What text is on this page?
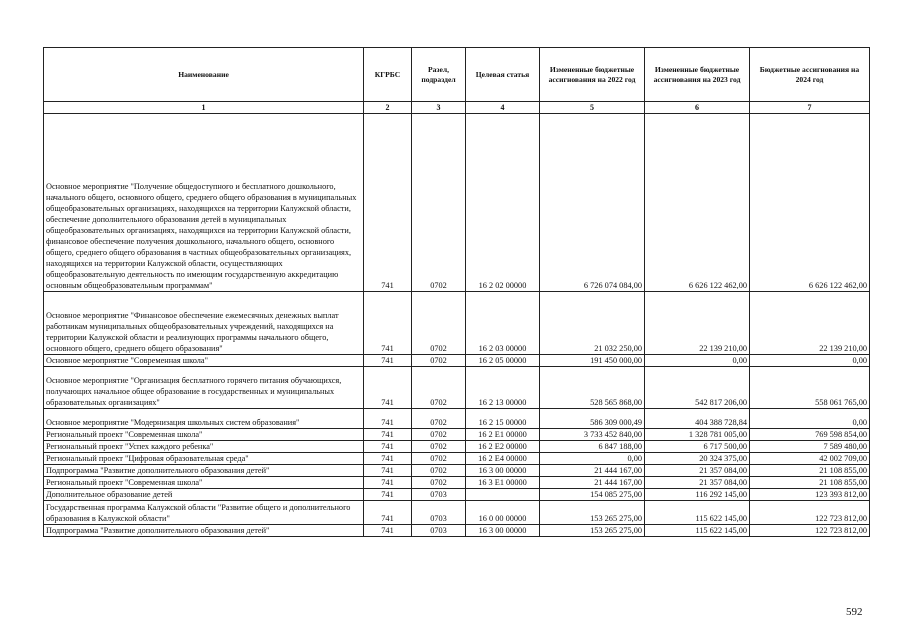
Наименование	КГРБС	Разел, подраздел	Целевая статья	Измененные бюджетные ассигнования на 2022 год	Измененные бюджетные ассигнования на 2023 год	Бюджетные ассигнования на 2024 год
1	2	3	4	5	6	7
Основное мероприятие "Получение общедоступного и бесплатного дошкольного, начального общего, основного общего, среднего общего образования в муниципальных общеобразовательных организациях, находящихся на территории Калужской области, обеспечение дополнительного образования детей в муниципальных общеобразовательных организациях, находящихся на территории Калужской области, финансовое обеспечение получения дошкольного, начального общего, основного общего, среднего общего образования в частных общеобразовательных организациях, находящихся на территории Калужской области, осуществляющих общеобразовательную деятельность по имеющим государственную аккредитацию основным общеобразовательным программам"	741	0702	16 2 02 00000	6 726 074 084,00	6 626 122 462,00	6 626 122 462,00
Основное мероприятие "Финансовое обеспечение ежемесячных денежных выплат работникам муниципальных общеобразовательных учреждений, находящихся на территории Калужской области и реализующих программы начального общего, основного общего, среднего общего образования"	741	0702	16 2 03 00000	21 032 250,00	22 139 210,00	22 139 210,00
Основное мероприятие "Современная школа"	741	0702	16 2 05 00000	191 450 000,00	0,00	0,00
Основное мероприятие "Организация бесплатного горячего питания обучающихся, получающих начальное общее образование в государственных и муниципальных образовательных организациях"	741	0702	16 2 13 00000	528 565 868,00	542 817 206,00	558 061 765,00
Основное мероприятие "Модернизация школьных систем образования"	741	0702	16 2 15 00000	586 309 000,49	404 388 728,84	0,00
Региональный проект "Современная школа"	741	0702	16 2 E1 00000	3 733 452 840,00	1 328 781 005,00	769 598 854,00
Региональный проект "Успех каждого ребенка"	741	0702	16 2 E2 00000	6 847 188,00	6 717 500,00	7 589 480,00
Региональный проект "Цифровая образовательная среда"	741	0702	16 2 E4 00000	0,00	20 324 375,00	42 002 709,00
Подпрограмма "Развитие дополнительного образования детей"	741	0702	16 3 00 00000	21 444 167,00	21 357 084,00	21 108 855,00
Региональный проект "Современная школа"	741	0702	16 3 E1 00000	21 444 167,00	21 357 084,00	21 108 855,00
Дополнительное образование детей	741	0703		154 085 275,00	116 292 145,00	123 393 812,00
Государственная программа Калужской области "Развитие общего и дополнительного образования в Калужской области"	741	0703	16 0 00 00000	153 265 275,00	115 622 145,00	122 723 812,00
Подпрограмма "Развитие дополнительного образования детей"	741	0703	16 3 00 00000	153 265 275,00	115 622 145,00	122 723 812,00
592
